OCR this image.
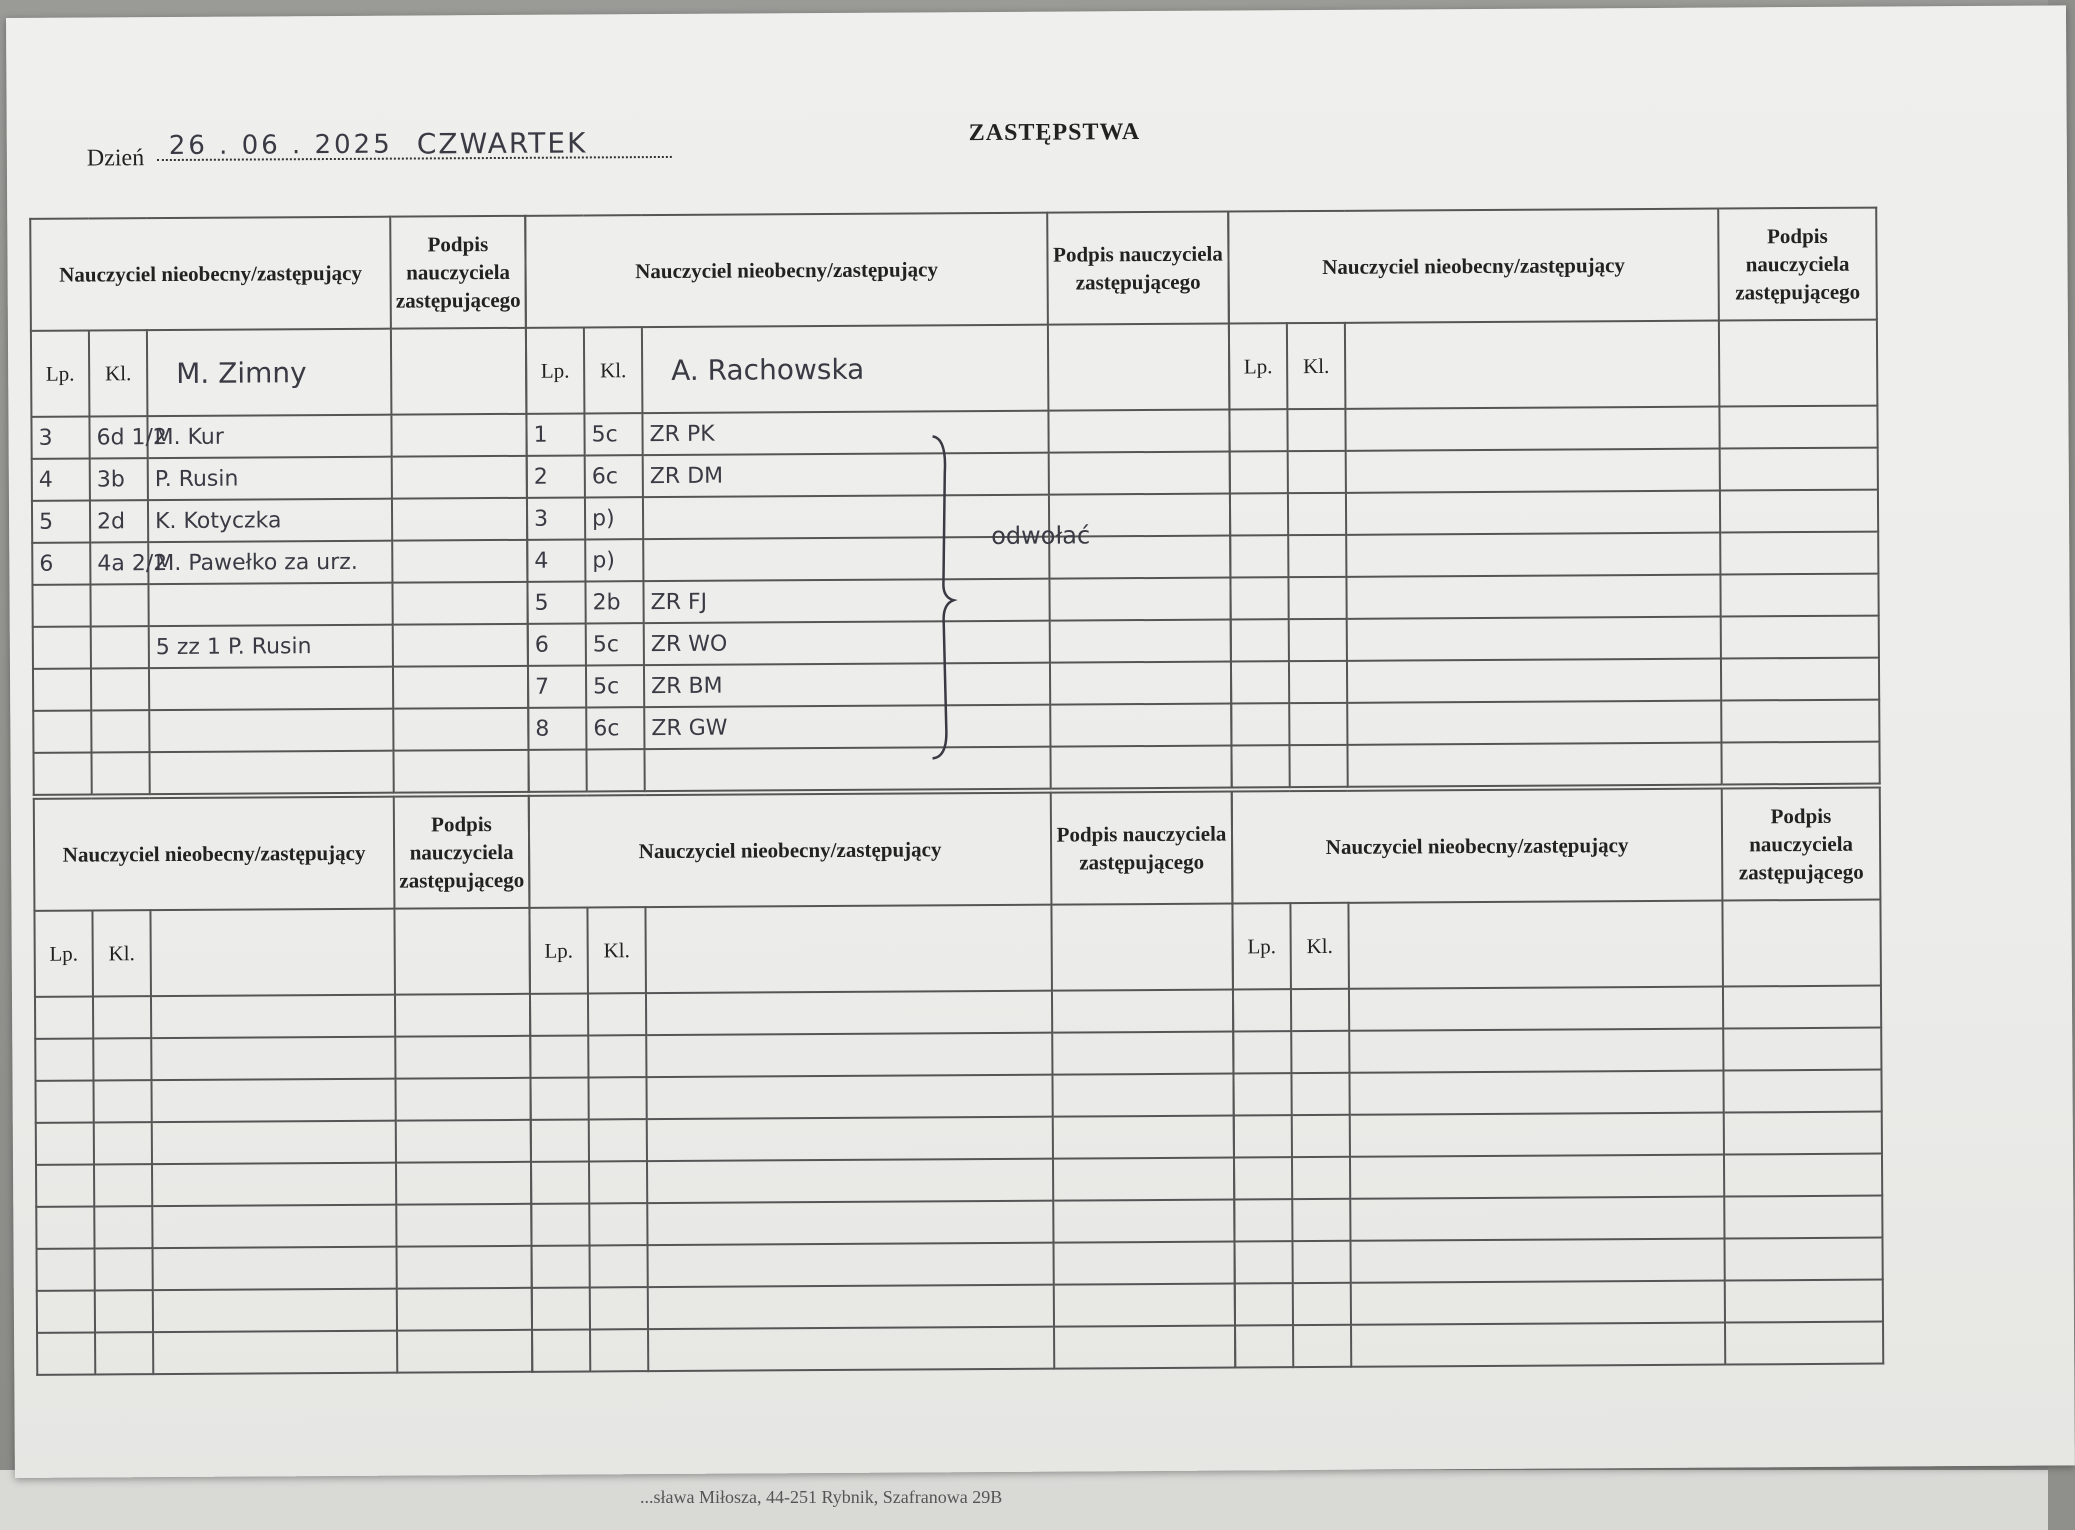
...sława Miłosza, 44-251 Rybnik, Szafranowa 29B
Dzień 26 . 06 . 2025 CZWARTEK	ZASTĘPSTWA
Nauczyciel nieobecny/zastępujący			Podpis nauczyciela zastępującego
Lp.	Kl.	M. Zimny	
3	6d 1/2	M. Kur	
4	3b	P. Rusin	
5	2d	K. Kotyczka	
6	4a 2/2	M. Pawełko za urz.	

		5 zz 1 P. Rusin	

Nauczyciel nieobecny/zastępujący			Podpis nauczyciela zastępującego
Lp.	Kl.	A. Rachowska	
1	5c	ZR PK	
2	6c	ZR DM	
3	p)		
4	p)		
5	2b	ZR FJ	
6	5c	ZR WO	
7	5c	ZR BM	
8	6c	ZR GW	

Nauczyciel nieobecny/zastępujący			Podpis nauczyciela zastępującego
Lp.	Kl.		

Nauczyciel nieobecny/zastępujący			Podpis nauczyciela zastępującego
Lp.	Kl.		

Nauczyciel nieobecny/zastępujący			Podpis nauczyciela zastępującego
Lp.	Kl.		

Nauczyciel nieobecny/zastępujący			Podpis nauczyciela zastępującego
Lp.	Kl.		

odwołać
